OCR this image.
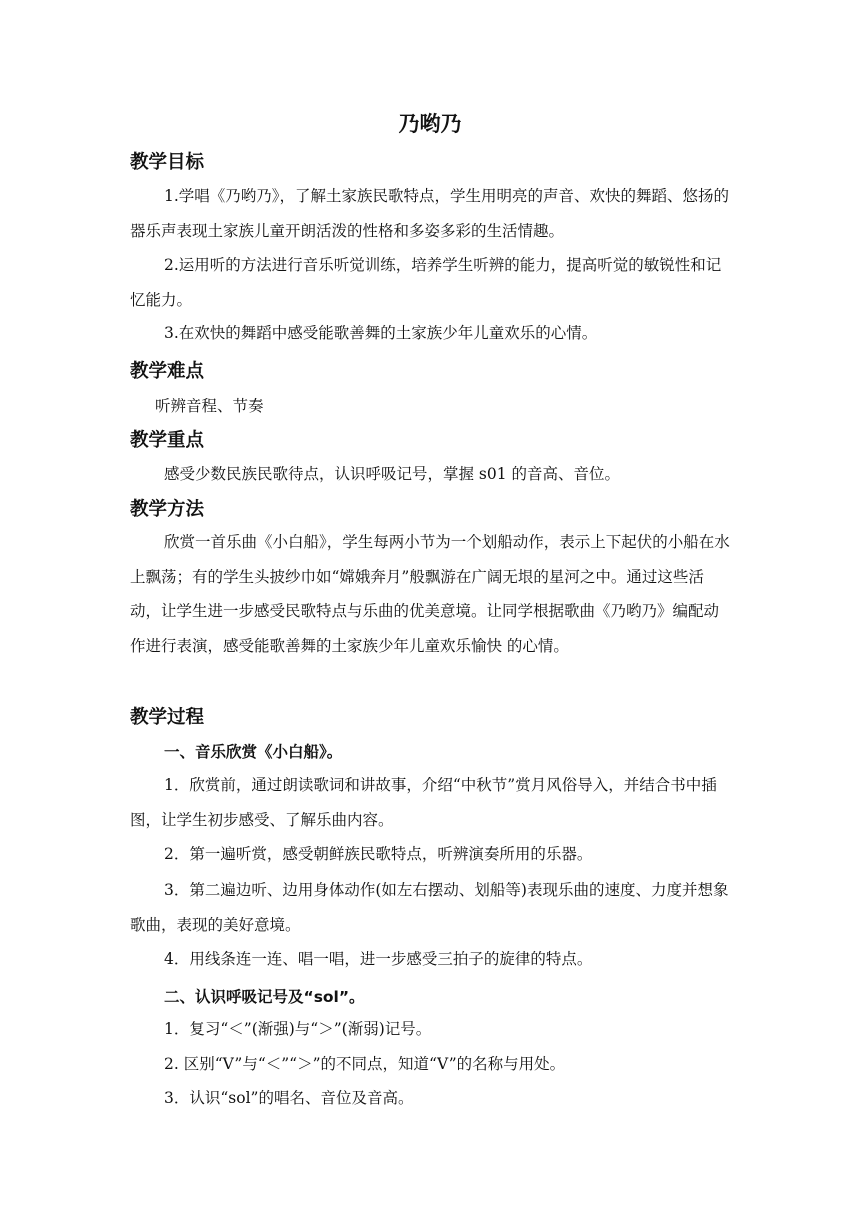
乃哟乃
教学目标
1.学唱《乃哟乃》，了解土家族民歌特点，学生用明亮的声音、欢快的舞蹈、悠扬的器乐声表现土家族儿童开朗活泼的性格和多姿多彩的生活情趣。
2.运用听的方法进行音乐听觉训练，培养学生听辨的能力，提高听觉的敏锐性和记忆能力。
3.在欢快的舞蹈中感受能歌善舞的土家族少年儿童欢乐的心情。
教学难点
听辨音程、节奏
教学重点
感受少数民族民歌待点，认识呼吸记号，掌握 s01 的音高、音位。
教学方法
欣赏一首乐曲《小白船》，学生每两小节为一个划船动作，表示上下起伏的小船在水上飘荡；有的学生头披纱巾如“嫦娥奔月”般飘游在广阔无垠的星河之中。通过这些活动，让学生进一步感受民歌特点与乐曲的优美意境。让同学根据歌曲《乃哟乃》编配动作进行表演，感受能歌善舞的土家族少年儿童欢乐愉快 的心情。
教学过程
一、音乐欣赏《小白船》。
1．欣赏前，通过朗读歌词和讲故事，介绍“中秋节”赏月风俗导入，并结合书中插图，让学生初步感受、了解乐曲内容。
2．第一遍听赏，感受朝鲜族民歌特点，听辨演奏所用的乐器。
3．第二遍边听、边用身体动作(如左右摆动、划船等)表现乐曲的速度、力度并想象歌曲，表现的美好意境。
4．用线条连一连、唱一唱，进一步感受三拍子的旋律的特点。
二、认识呼吸记号及“sol”。
1．复习“＜”(渐强)与“＞”(渐弱)记号。
2. 区别“V”与“＜”“＞”的不同点，知道“V”的名称与用处。
3．认识“sol”的唱名、音位及音高。
